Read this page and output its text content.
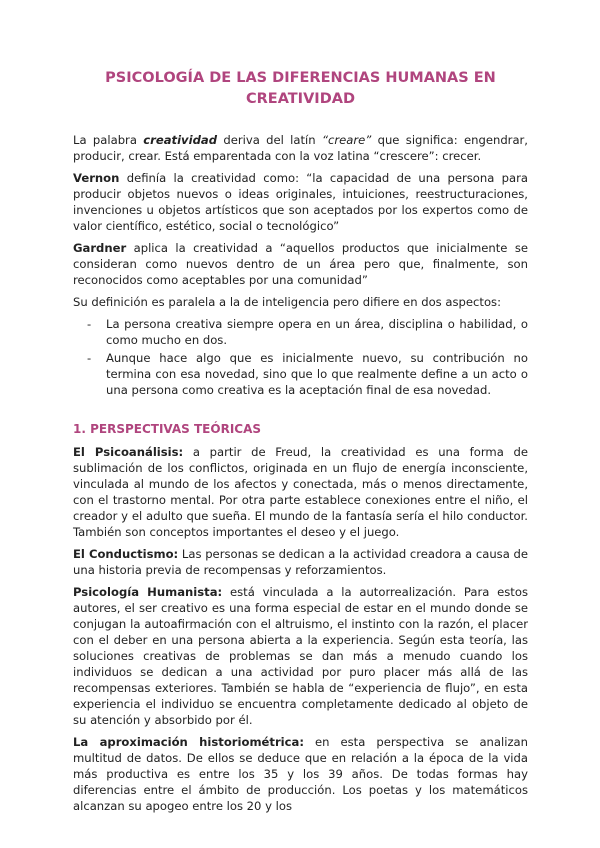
PSICOLOGÍA DE LAS DIFERENCIAS HUMANAS EN CREATIVIDAD

La palabra creatividad deriva del latín “creare” que significa: engendrar, producir, crear. Está emparentada con la voz latina “crescere”: crecer.

Vernon definía la creatividad como: “la capacidad de una persona para producir objetos nuevos o ideas originales, intuiciones, reestructuraciones, invenciones u objetos artísticos que son aceptados por los expertos como de valor científico, estético, social o tecnológico”

Gardner aplica la creatividad a “aquellos productos que inicialmente se consideran como nuevos dentro de un área pero que, finalmente, son reconocidos como aceptables por una comunidad”

Su definición es paralela a la de inteligencia pero difiere en dos aspectos:

- La persona creativa siempre opera en un área, disciplina o habilidad, o como mucho en dos.
- Aunque hace algo que es inicialmente nuevo, su contribución no termina con esa novedad, sino que lo que realmente define a un acto o una persona como creativa es la aceptación final de esa novedad.
1. PERSPECTIVAS TEÓRICAS

El Psicoanálisis: a partir de Freud, la creatividad es una forma de sublimación de los conflictos, originada en un flujo de energía inconsciente, vinculada al mundo de los afectos y conectada, más o menos directamente, con el trastorno mental. Por otra parte establece conexiones entre el niño, el creador y el adulto que sueña. El mundo de la fantasía sería el hilo conductor. También son conceptos importantes el deseo y el juego.

El Conductismo: Las personas se dedican a la actividad creadora a causa de una historia previa de recompensas y reforzamientos.

Psicología Humanista: está vinculada a la autorrealización. Para estos autores, el ser creativo es una forma especial de estar en el mundo donde se conjugan la autoafirmación con el altruismo, el instinto con la razón, el placer con el deber en una persona abierta a la experiencia. Según esta teoría, las soluciones creativas de problemas se dan más a menudo cuando los individuos se dedican a una actividad por puro placer más allá de las recompensas exteriores. También se habla de “experiencia de flujo”, en esta experiencia el individuo se encuentra completamente dedicado al objeto de su atención y absorbido por él.

La aproximación historiométrica: en esta perspectiva se analizan multitud de datos. De ellos se deduce que en relación a la época de la vida más productiva es entre los 35 y los 39 años. De todas formas hay diferencias entre el ámbito de producción. Los poetas y los matemáticos alcanzan su apogeo entre los 20 y los
